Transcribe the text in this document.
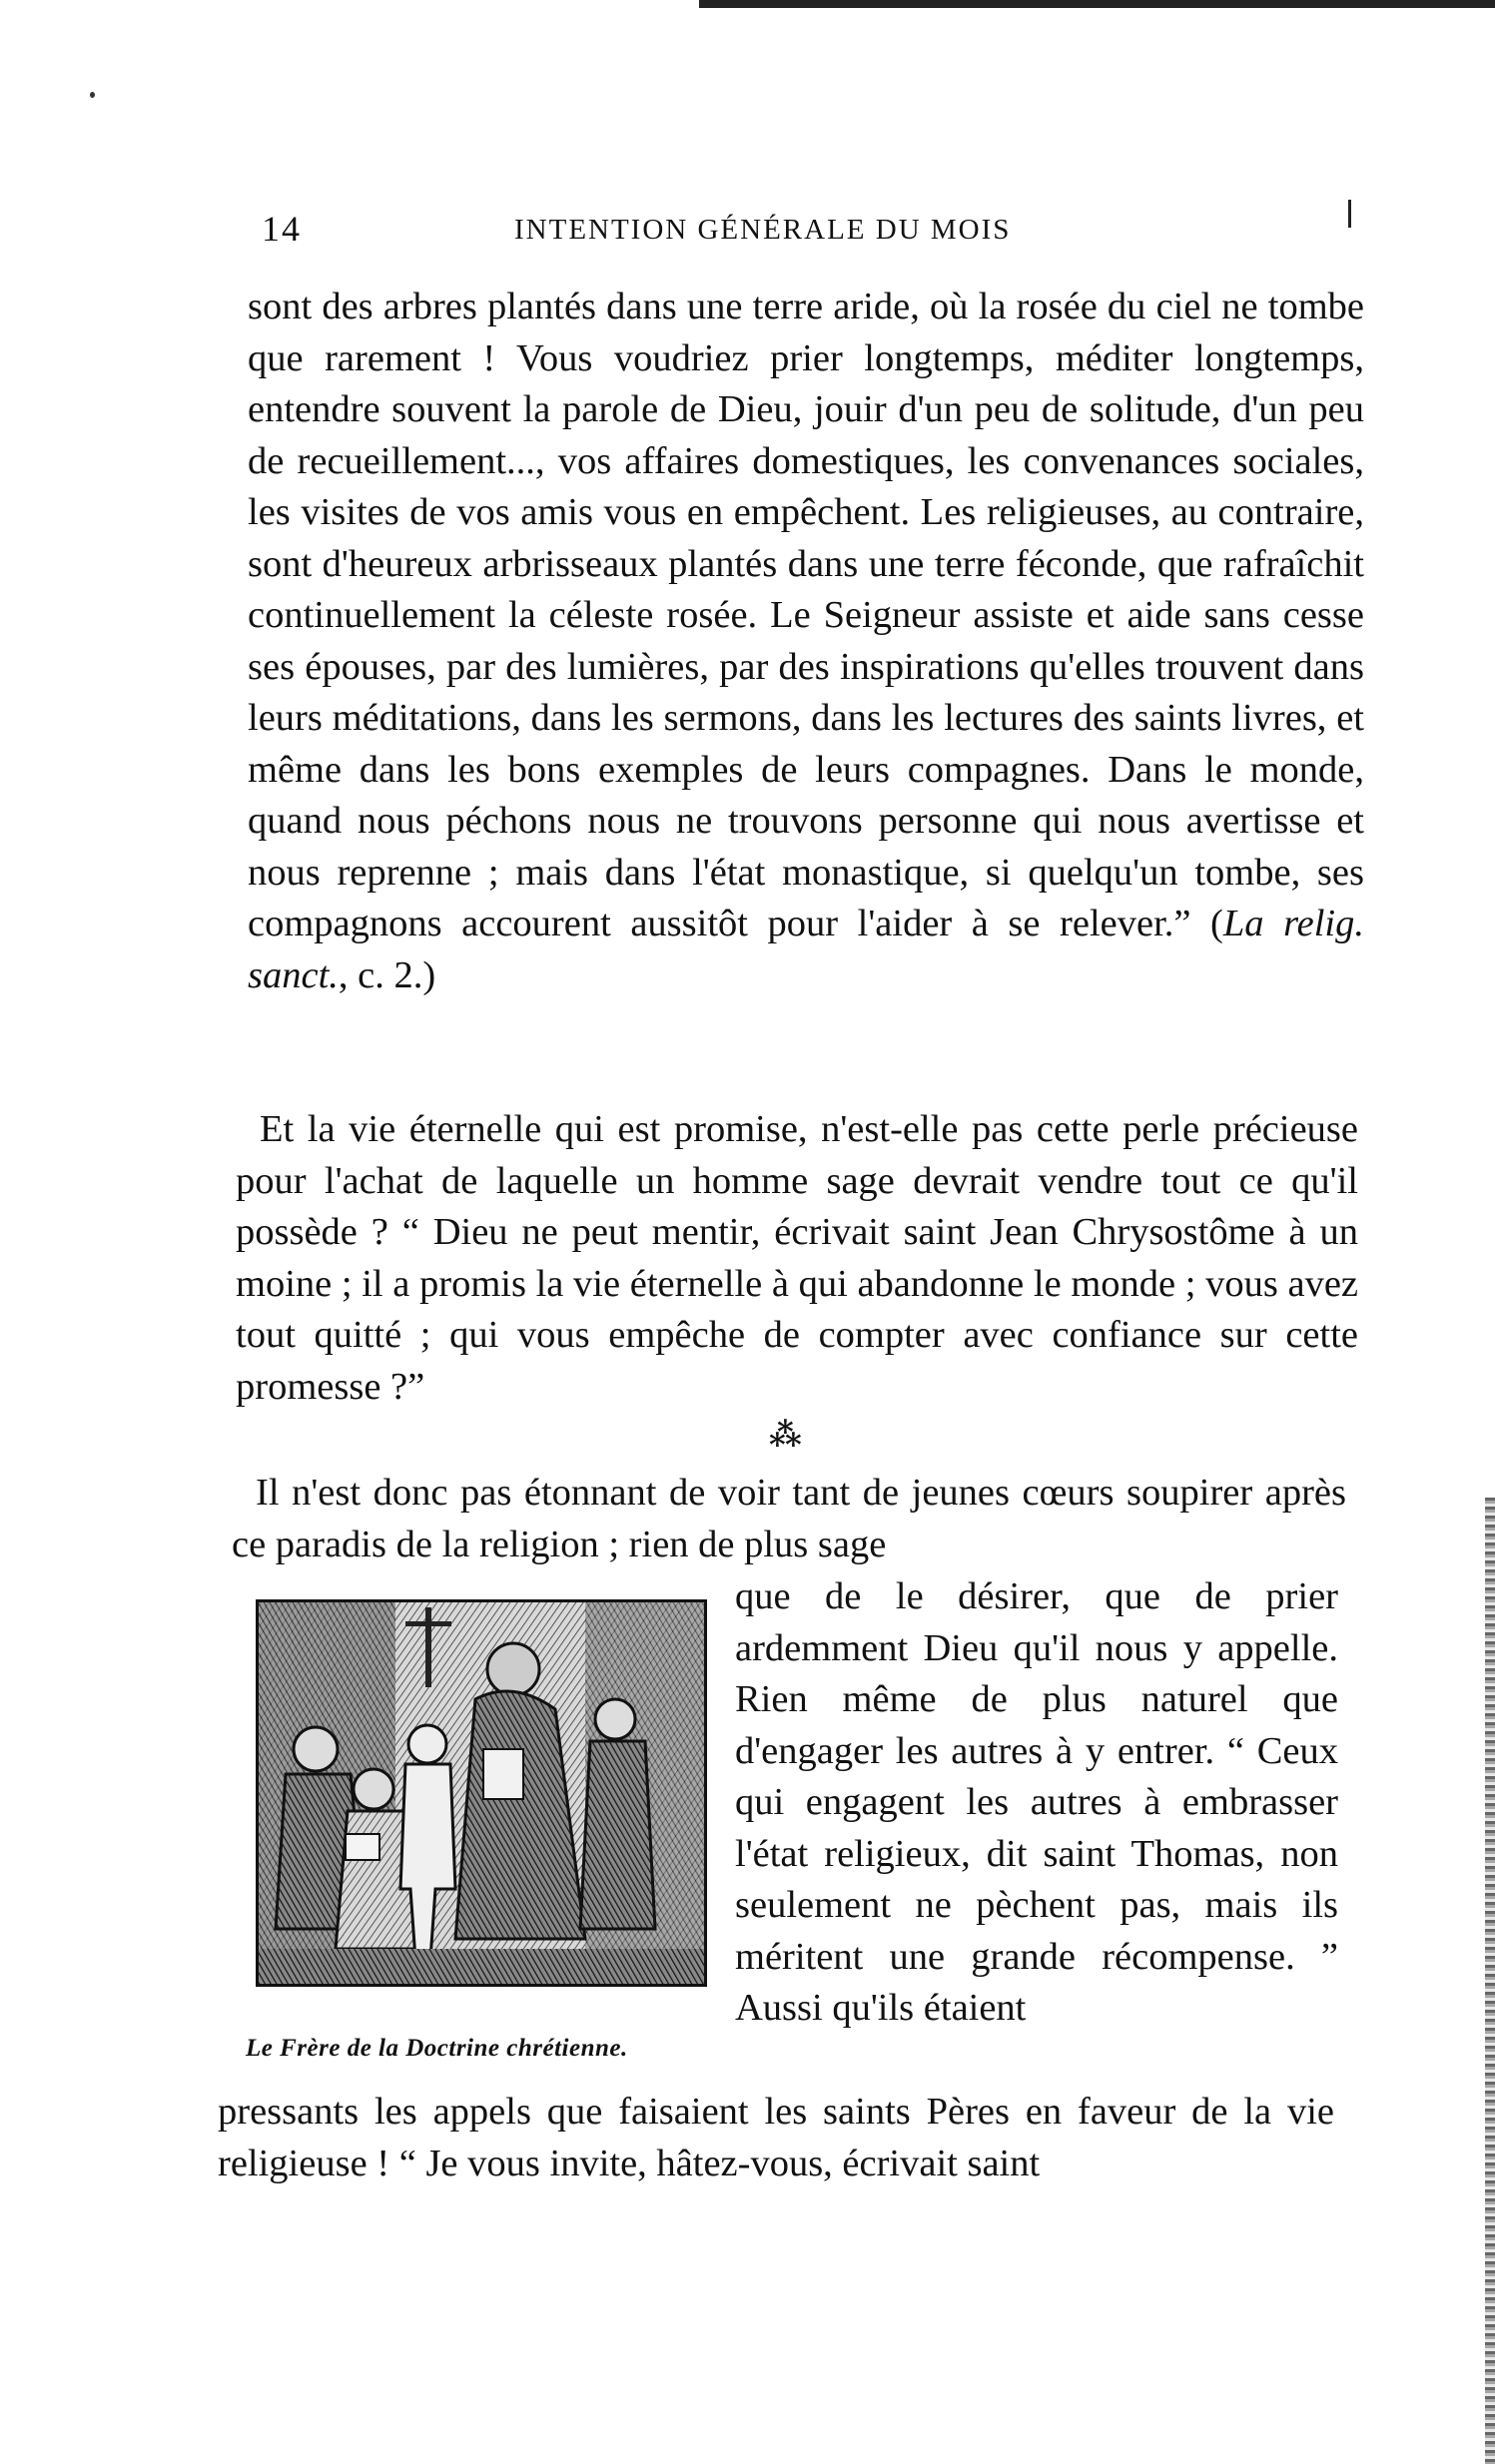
14	INTENTION GÉNÉRALE DU MOIS

sont des arbres plantés dans une terre aride, où la rosée du ciel ne tombe que rarement ! Vous voudriez prier longtemps, méditer longtemps, entendre souvent la parole de Dieu, jouir d'un peu de solitude, d'un peu de recueillement..., vos affaires domestiques, les convenances sociales, les visites de vos amis vous en empêchent. Les religieuses, au contraire, sont d'heureux arbrisseaux plantés dans une terre féconde, que rafraîchit continuellement la céleste rosée. Le Seigneur assiste et aide sans cesse ses épouses, par des lumières, par des inspirations qu'elles trouvent dans leurs méditations, dans les sermons, dans les lectures des saints livres, et même dans les bons exemples de leurs compagnes. Dans le monde, quand nous péchons nous ne trouvons personne qui nous avertisse et nous reprenne ; mais dans l'état monastique, si quelqu'un tombe, ses compagnons accourent aussitôt pour l'aider à se relever.” (La relig. sanct., c. 2.)

Et la vie éternelle qui est promise, n'est-elle pas cette perle précieuse pour l'achat de laquelle un homme sage devrait vendre tout ce qu'il possède ? “ Dieu ne peut mentir, écrivait saint Jean Chrysostôme à un moine ; il a promis la vie éternelle à qui abandonne le monde ; vous avez tout quitté ; qui vous empêche de compter avec confiance sur cette promesse ?”

⁂

Il n'est donc pas étonnant de voir tant de jeunes cœurs soupirer après ce paradis de la religion ; rien de plus sage

Le Frère de la Doctrine chrétienne.

que de le désirer, que de prier ardemment Dieu qu'il nous y appelle. Rien même de plus naturel que d'engager les autres à y entrer. “ Ceux qui engagent les autres à embrasser l'état religieux, dit saint Thomas, non seulement ne pèchent pas, mais ils méritent une grande récompense. ” Aussi qu'ils étaient

pressants les appels que faisaient les saints Pères en faveur de la vie religieuse ! “ Je vous invite, hâtez-vous, écrivait saint
